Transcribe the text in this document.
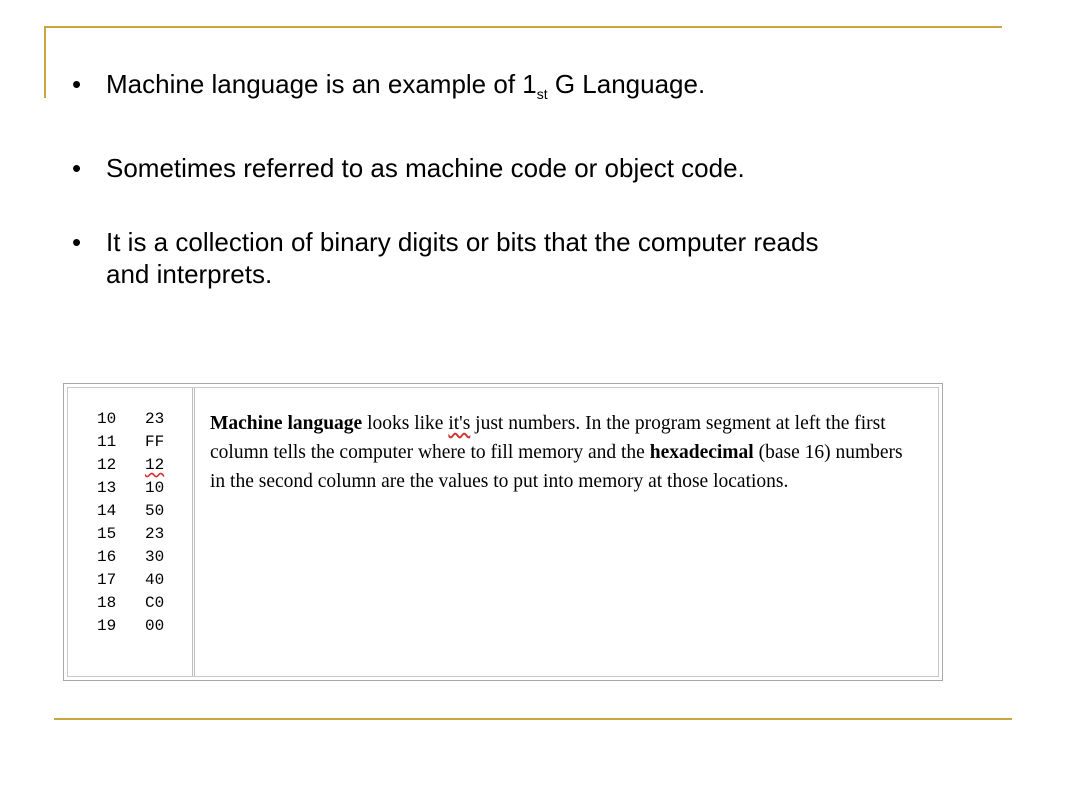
• Machine language is an example of $1_{st}$ G Language.
• Sometimes referred to as machine code or object code.
• It is a collection of binary digits or bits that the computer reads
and interprets.
10 23
11 FF
12 12
13 10
14 50
15 23
16 30
17 40
18 C0
19 00
Machine language looks like it's just numbers. In the program segment at left the first column tells the computer where to fill memory and the hexadecimal (base 16) numbers in the second column are the values to put into memory at those locations.
